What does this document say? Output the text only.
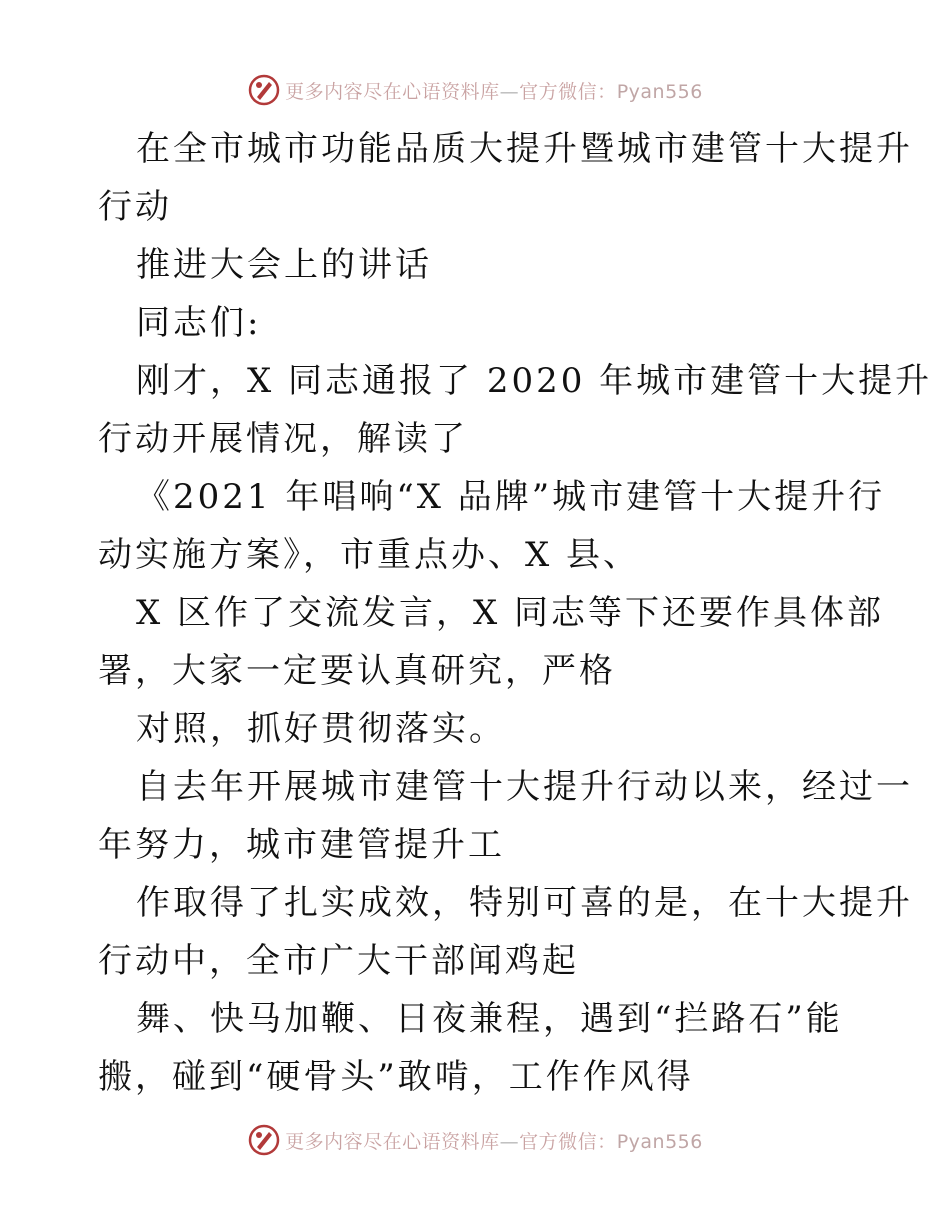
更多内容尽在心语资料库—官方微信：Pyan556

在全市城市功能品质大提升暨城市建管十大提升

行动

推进大会上的讲话

同志们:

刚才，X 同志通报了 2020 年城市建管十大提升

行动开展情况，解读了

《2021 年唱响“X 品牌”城市建管十大提升行

动实施方案》，市重点办、X 县、

X 区作了交流发言，X 同志等下还要作具体部

署，大家一定要认真研究，严格

对照，抓好贯彻落实。

自去年开展城市建管十大提升行动以来，经过一

年努力，城市建管提升工

作取得了扎实成效，特别可喜的是，在十大提升

行动中，全市广大干部闻鸡起

舞、快马加鞭、日夜兼程，遇到“拦路石”能

搬，碰到“硬骨头”敢啃，工作作风得

更多内容尽在心语资料库—官方微信：Pyan556
